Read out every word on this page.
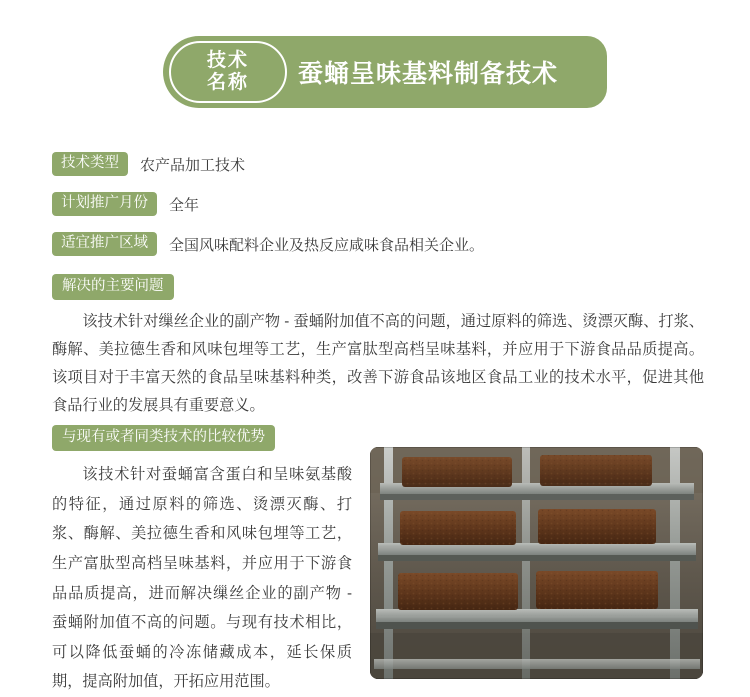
技术
名称 蚕蛹呈味基料制备技术
技术类型	农产品加工技术
计划推广月份	全年
适宜推广区域	全国风味配料企业及热反应咸味食品相关企业。
解决的主要问题
该技术针对缫丝企业的副产物 - 蚕蛹附加值不高的问题，通过原料的筛选、烫漂灭酶、打浆、酶解、美拉德生香和风味包埋等工艺，生产富肽型高档呈味基料，并应用于下游食品品质提高。该项目对于丰富天然的食品呈味基料种类，改善下游食品该地区食品工业的技术水平，促进其他食品行业的发展具有重要意义。
与现有或者同类技术的比较优势
该技术针对蚕蛹富含蛋白和呈味氨基酸的特征，通过原料的筛选、烫漂灭酶、打浆、酶解、美拉德生香和风味包埋等工艺，生产富肽型高档呈味基料，并应用于下游食品品质提高，进而解决缫丝企业的副产物 - 蚕蛹附加值不高的问题。与现有技术相比，可以降低蚕蛹的冷冻储藏成本，延长保质期，提高附加值，开拓应用范围。
